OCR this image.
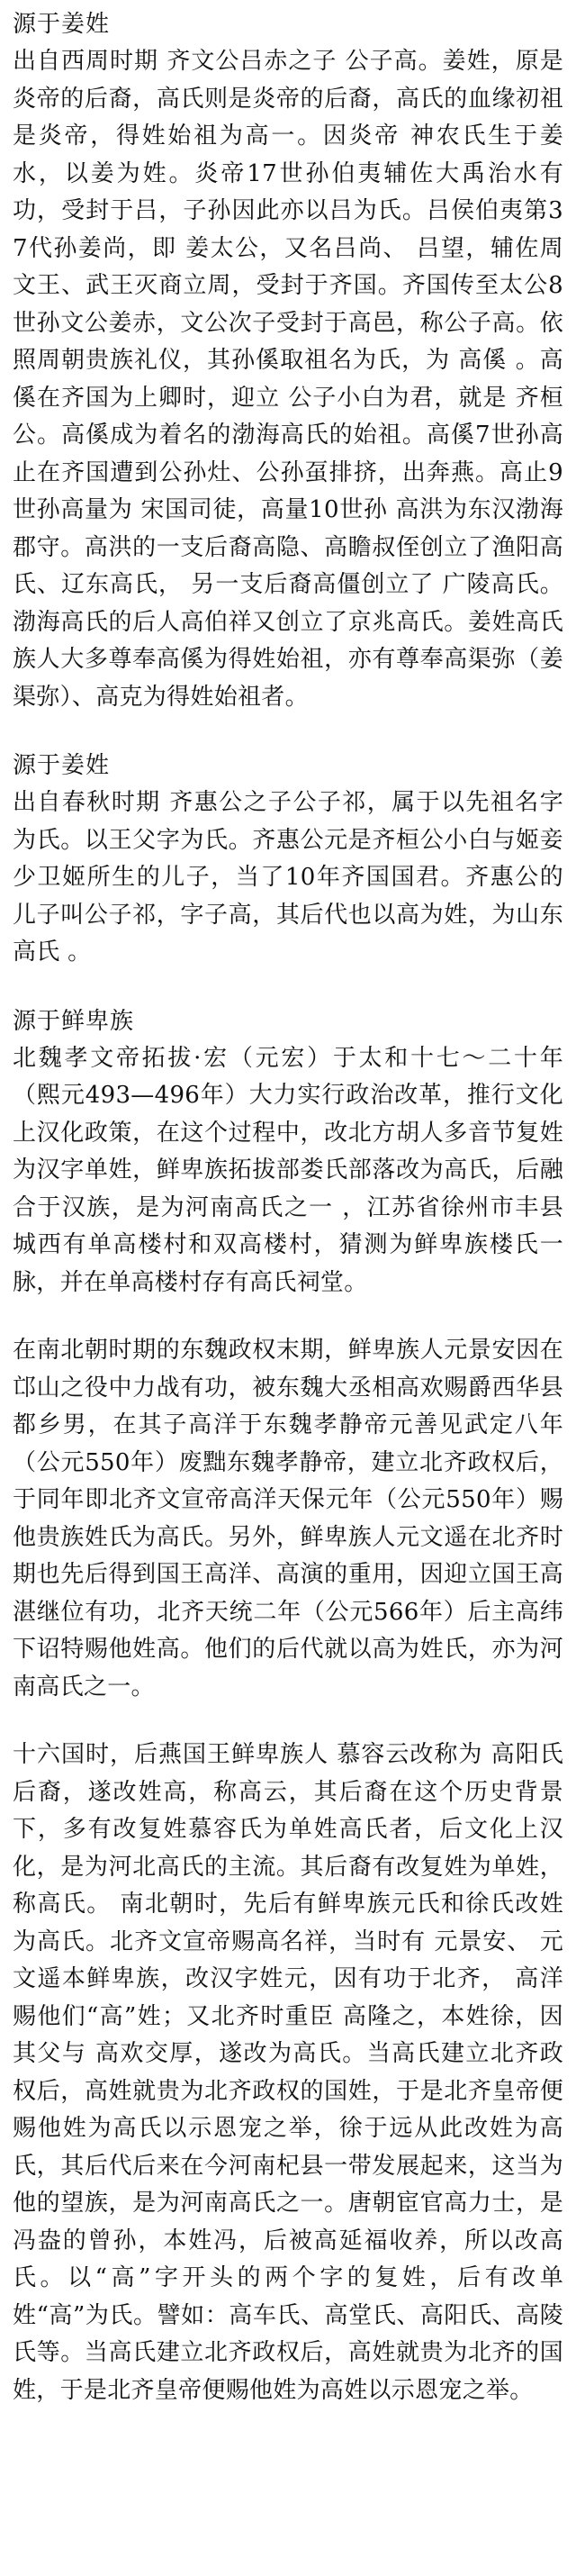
源于姜姓

出自西周时期 齐文公吕赤之子 公子高。姜姓，原是 炎帝的后裔，高氏则是炎帝的后裔，高氏的血缘初祖是炎帝，得姓始祖为高一。因炎帝 神农氏生于姜水，以姜为姓。炎帝17世孙伯夷辅佐大禹治水有功，受封于吕，子孙因此亦以吕为氏。吕侯伯夷第37代孙姜尚，即 姜太公，又名吕尚、 吕望，辅佐周文王、武王灭商立周，受封于齐国。齐国传至太公8世孙文公姜赤，文公次子受封于高邑，称公子高。依照周朝贵族礼仪，其孙傒取祖名为氏，为 高傒 。高傒在齐国为上卿时，迎立 公子小白为君，就是 齐桓公。高傒成为着名的渤海高氏的始祖。高傒7世孙高止在齐国遭到公孙灶、公孙虿排挤，出奔燕。高止9世孙高量为 宋国司徒，高量10世孙 高洪为东汉渤海郡守。高洪的一支后裔高隐、高瞻叔侄创立了渔阳高氏、辽东高氏， 另一支后裔高僵创立了 广陵高氏。渤海高氏的后人高伯祥又创立了京兆高氏。姜姓高氏族人大多尊奉高傒为得姓始祖，亦有尊奉高渠弥（姜渠弥）、高克为得姓始祖者。

源于姜姓

出自春秋时期 齐惠公之子公子祁，属于以先祖名字为氏。以王父字为氏。齐惠公元是齐桓公小白与姬妾少卫姬所生的儿子，当了10年齐国国君。齐惠公的儿子叫公子祁，字子高，其后代也以高为姓，为山东高氏 。

源于鲜卑族

北魏孝文帝拓拔·宏（元宏）于太和十七～二十年（熙元493—496年）大力实行政治改革，推行文化上汉化政策，在这个过程中，改北方胡人多音节复姓为汉字单姓，鲜卑族拓拔部娄氏部落改为高氏，后融合于汉族，是为河南高氏之一 ，江苏省徐州市丰县城西有单高楼村和双高楼村，猜测为鲜卑族楼氏一脉，并在单高楼村存有高氏祠堂。

在南北朝时期的东魏政权末期，鲜卑族人元景安因在邙山之役中力战有功，被东魏大丞相高欢赐爵西华县都乡男，在其子高洋于东魏孝静帝元善见武定八年（公元550年）废黜东魏孝静帝，建立北齐政权后，于同年即北齐文宣帝高洋天保元年（公元550年）赐他贵族姓氏为高氏。另外，鲜卑族人元文遥在北齐时期也先后得到国王高洋、高演的重用，因迎立国王高湛继位有功，北齐天统二年（公元566年）后主高纬下诏特赐他姓高。他们的后代就以高为姓氏，亦为河南高氏之一。

十六国时，后燕国王鲜卑族人 慕容云改称为 高阳氏后裔，遂改姓高，称高云，其后裔在这个历史背景下，多有改复姓慕容氏为单姓高氏者，后文化上汉化，是为河北高氏的主流。其后裔有改复姓为单姓，称高氏。 南北朝时，先后有鲜卑族元氏和徐氏改姓为高氏。北齐文宣帝赐高名祥，当时有 元景安、 元文遥本鲜卑族，改汉字姓元，因有功于北齐， 高洋赐他们“高”姓；又北齐时重臣 高隆之，本姓徐，因其父与 高欢交厚，遂改为高氏。当高氏建立北齐政权后，高姓就贵为北齐政权的国姓，于是北齐皇帝便赐他姓为高氏以示恩宠之举，徐于远从此改姓为高氏，其后代后来在今河南杞县一带发展起来，这当为他的望族，是为河南高氏之一。唐朝宦官高力士，是冯盎的曾孙，本姓冯，后被高延福收养，所以改高氏。以“高”字开头的两个字的复姓，后有改单姓“高”为氏。譬如：高车氏、高堂氏、高阳氏、高陵氏等。当高氏建立北齐政权后，高姓就贵为北齐的国姓，于是北齐皇帝便赐他姓为高姓以示恩宠之举。
